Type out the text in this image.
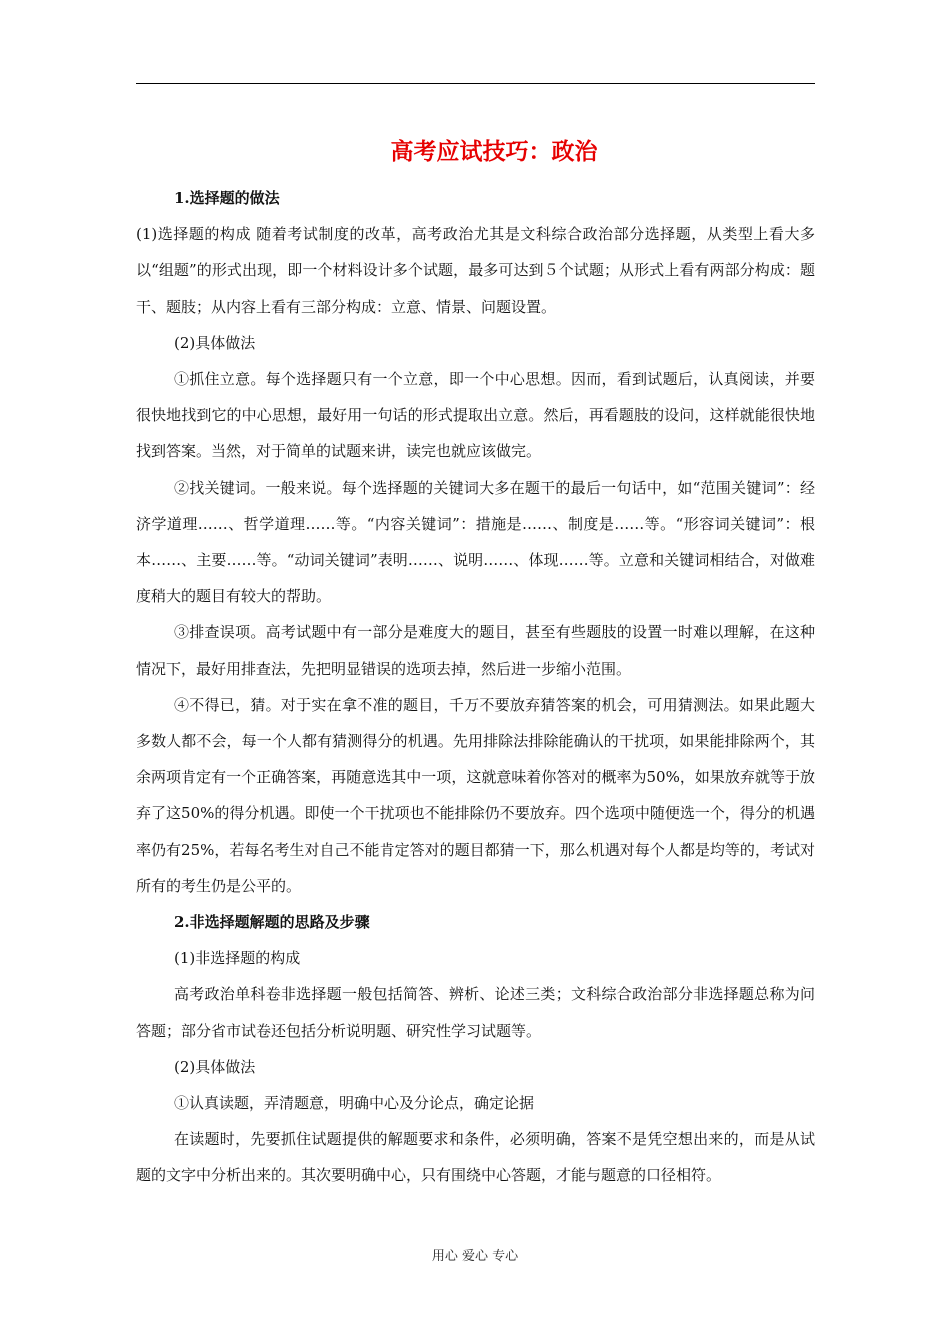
高考应试技巧：政治

1.选择题的做法

(1)选择题的构成 随着考试制度的改革，高考政治尤其是文科综合政治部分选择题，从类型上看大多以“组题”的形式出现，即一个材料设计多个试题，最多可达到５个试题；从形式上看有两部分构成：题干、题肢；从内容上看有三部分构成：立意、情景、问题设置。

(2)具体做法

①抓住立意。每个选择题只有一个立意，即一个中心思想。因而，看到试题后，认真阅读，并要很快地找到它的中心思想，最好用一句话的形式提取出立意。然后，再看题肢的设问，这样就能很快地找到答案。当然，对于简单的试题来讲，读完也就应该做完。

②找关键词。一般来说。每个选择题的关键词大多在题干的最后一句话中，如“范围关键词”：经济学道理……、哲学道理……等。“内容关键词”：措施是……、制度是……等。“形容词关键词”：根本……、主要……等。“动词关键词”表明……、说明……、体现……等。立意和关键词相结合，对做难度稍大的题目有较大的帮助。

③排查误项。高考试题中有一部分是难度大的题目，甚至有些题肢的设置一时难以理解，在这种情况下，最好用排查法，先把明显错误的选项去掉，然后进一步缩小范围。

④不得已，猜。对于实在拿不准的题目，千万不要放弃猜答案的机会，可用猜测法。如果此题大多数人都不会，每一个人都有猜测得分的机遇。先用排除法排除能确认的干扰项，如果能排除两个，其余两项肯定有一个正确答案，再随意选其中一项，这就意味着你答对的概率为50%，如果放弃就等于放弃了这50%的得分机遇。即使一个干扰项也不能排除仍不要放弃。四个选项中随便选一个，得分的机遇率仍有25%，若每名考生对自己不能肯定答对的题目都猜一下，那么机遇对每个人都是均等的，考试对所有的考生仍是公平的。

2.非选择题解题的思路及步骤

(1)非选择题的构成

高考政治单科卷非选择题一般包括简答、辨析、论述三类；文科综合政治部分非选择题总称为问答题；部分省市试卷还包括分析说明题、研究性学习试题等。

(2)具体做法

①认真读题，弄清题意，明确中心及分论点，确定论据

在读题时，先要抓住试题提供的解题要求和条件，必须明确，答案不是凭空想出来的，而是从试题的文字中分析出来的。其次要明确中心，只有围绕中心答题，才能与题意的口径相符。

用心 爱心 专心
